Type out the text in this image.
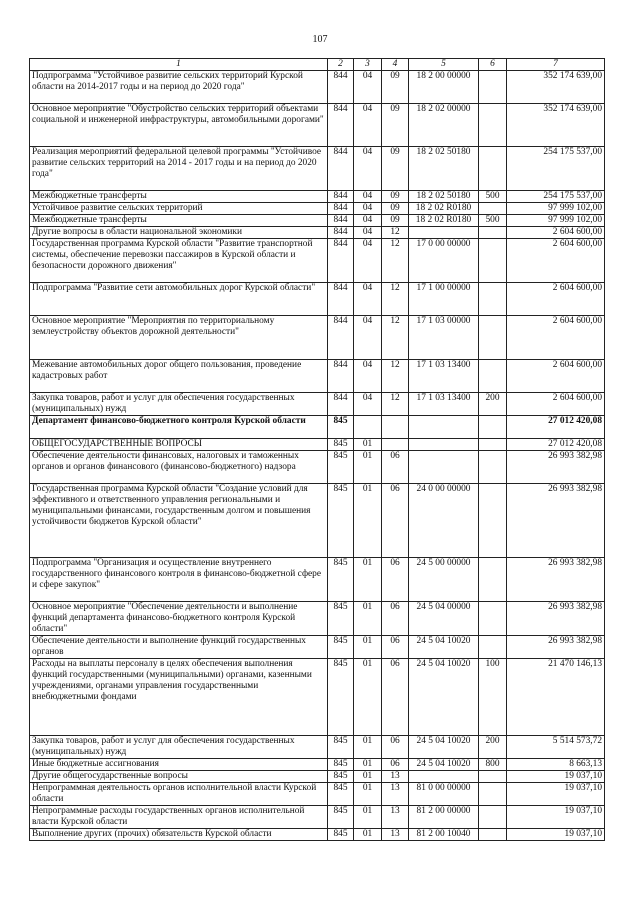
107
1	2	3	4	5	6	7
Подпрограмма "Устойчивое развитие сельских территорий Курской области на 2014-2017 годы и на период до 2020 года"	844	04	09	18 2 00 00000		352 174 639,00
Основное мероприятие "Обустройство сельских территорий объектами социальной и инженерной инфраструктуры, автомобильными дорогами"	844	04	09	18 2 02 00000		352 174 639,00
Реализация мероприятий федеральной целевой программы "Устойчивое развитие сельских территорий на 2014 - 2017 годы и на период до 2020 года"	844	04	09	18 2 02 50180		254 175 537,00
Межбюджетные трансферты	844	04	09	18 2 02 50180	500	254 175 537,00
Устойчивое развитие сельских территорий	844	04	09	18 2 02 R0180		97 999 102,00
Межбюджетные трансферты	844	04	09	18 2 02 R0180	500	97 999 102,00
Другие вопросы в области национальной экономики	844	04	12			2 604 600,00
Государственная программа Курской области "Развитие транспортной системы, обеспечение перевозки пассажиров в Курской области и безопасности дорожного движения"	844	04	12	17 0 00 00000		2 604 600,00
Подпрограмма "Развитие сети автомобильных дорог Курской области"	844	04	12	17 1 00 00000		2 604 600,00
Основное мероприятие "Мероприятия по территориальному землеустройству объектов дорожной деятельности"	844	04	12	17 1 03 00000		2 604 600,00
Межевание автомобильных дорог общего пользования, проведение кадастровых работ	844	04	12	17 1 03 13400		2 604 600,00
Закупка товаров, работ и услуг для обеспечения государственных (муниципальных) нужд	844	04	12	17 1 03 13400	200	2 604 600,00
Департамент финансово-бюджетного контроля Курской области	845					27 012 420,08
ОБЩЕГОСУДАРСТВЕННЫЕ ВОПРОСЫ	845	01				27 012 420,08
Обеспечение деятельности финансовых, налоговых и таможенных органов и органов финансового (финансово-бюджетного) надзора	845	01	06			26 993 382,98
Государственная программа Курской области "Создание условий для эффективного и ответственного управления региональными и муниципальными финансами, государственным долгом и повышения устойчивости бюджетов Курской области"	845	01	06	24 0 00 00000		26 993 382,98
Подпрограмма "Организация и осуществление внутреннего государственного финансового контроля в финансово-бюджетной сфере и сфере закупок"	845	01	06	24 5 00 00000		26 993 382,98
Основное мероприятие "Обеспечение деятельности и выполнение функций департамента финансово-бюджетного контроля Курской области"	845	01	06	24 5 04 00000		26 993 382,98
Обеспечение деятельности и выполнение функций государственных органов	845	01	06	24 5 04 10020		26 993 382,98
Расходы на выплаты персоналу в целях обеспечения выполнения функций государственными (муниципальными) органами, казенными учреждениями, органами управления государственными внебюджетными фондами	845	01	06	24 5 04 10020	100	21 470 146,13
Закупка товаров, работ и услуг для обеспечения государственных (муниципальных) нужд	845	01	06	24 5 04 10020	200	5 514 573,72
Иные бюджетные ассигнования	845	01	06	24 5 04 10020	800	8 663,13
Другие общегосударственные вопросы	845	01	13			19 037,10
Непрограммная деятельность органов исполнительной власти Курской области	845	01	13	81 0 00 00000		19 037,10
Непрограммные расходы государственных органов исполнительной власти Курской области	845	01	13	81 2 00 00000		19 037,10
Выполнение других (прочих) обязательств Курской области	845	01	13	81 2 00 10040		19 037,10
